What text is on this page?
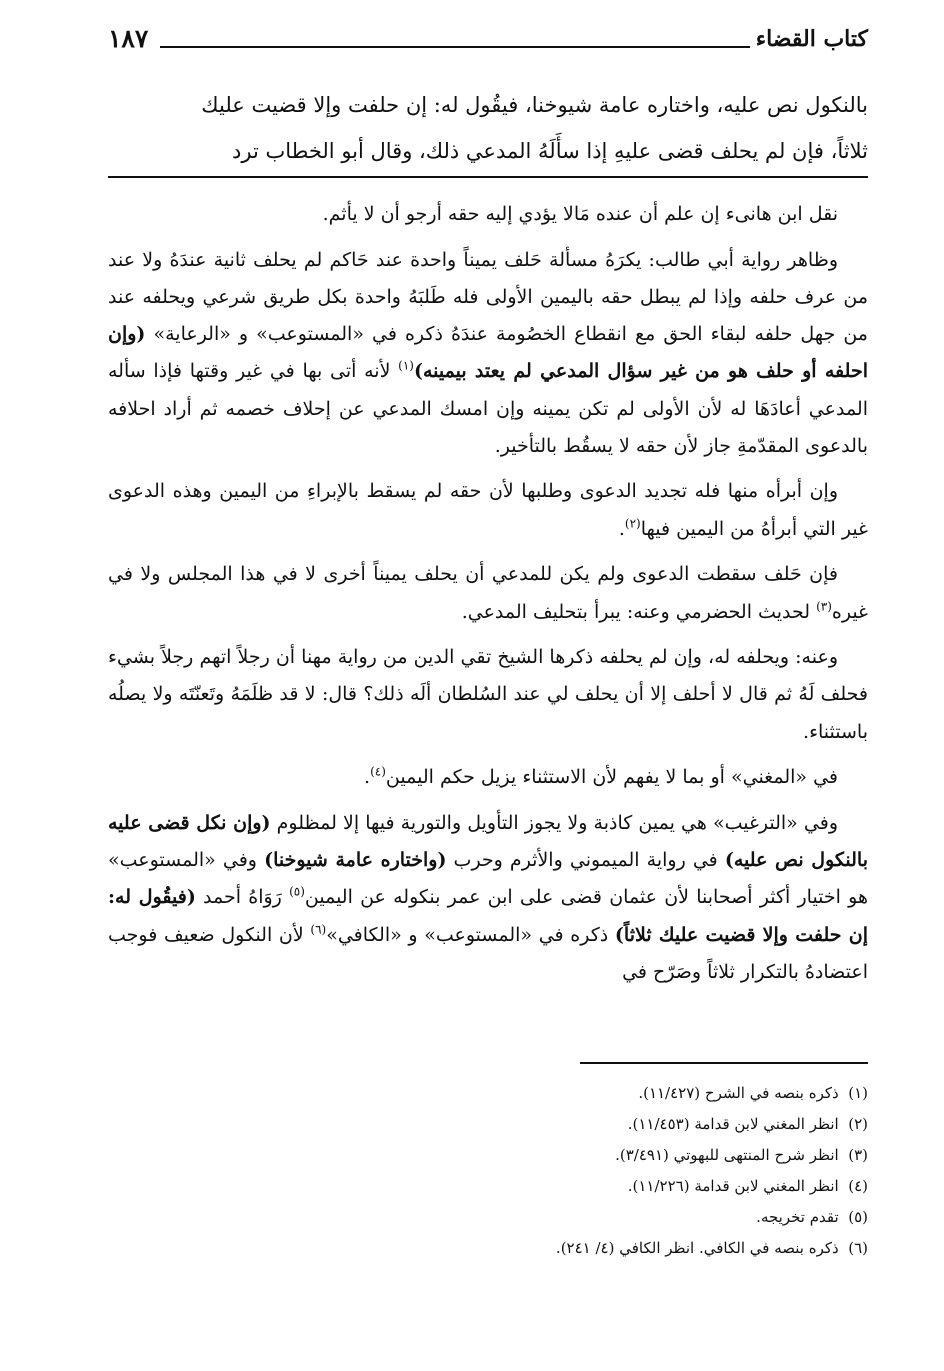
كتاب القضاء
١٨٧
بالنكول نص عليه، واختاره عامة شيوخنا، فيقُول له: إن حلفت وإلا قضيت عليك
ثلاثاً، فإن لم يحلف قضى عليهِ إذا سأَلَهُ المدعي ذلك، وقال أبو الخطاب ترد

نقل ابن هانىء إن علم أن عنده مَالا يؤدي إليه حقه أرجو أن لا يأثم.

وظاهر رواية أبي طالب: يكرَهُ مسألة حَلف يميناً واحدة عند حَاكم لم يحلف ثانية عندَهُ ولا عند من عرف حلفه وإذا لم يبطل حقه باليمين الأولى فله طَلبَهُ واحدة بكل طريق شرعي ويحلفه عند من جهل حلفه لبقاء الحق مع انقطاع الخصُومة عندَهُ ذكره في «المستوعب» و «الرعاية» (وإن احلفه أو حلف هو من غير سؤال المدعي لم يعتد بيمينه)$^{(١)}$ لأنه أتى بها في غير وقتها فإذا سأله المدعي أعادَهَا له لأن الأولى لم تكن يمينه وإن امسك المدعي عن إحلاف خصمه ثم أراد احلافه بالدعوى المقدّمةِ جاز لأن حقه لا يسقُط بالتأخير.

وإن أبرأه منها فله تجديد الدعوى وطلبها لأن حقه لم يسقط بالإبراءِ من اليمين وهذه الدعوى غير التي أبرأهُ من اليمين فيها$^{(٢)}$.

فإن حَلف سقطت الدعوى ولم يكن للمدعي أن يحلف يميناً أخرى لا في هذا المجلس ولا في غيره$^{(٣)}$ لحديث الحضرمي وعنه: يبرأ بتحليف المدعي.

وعنه: ويحلفه له، وإن لم يحلفه ذكرها الشيخ تقي الدين من رواية مهنا أن رجلاً اتهم رجلاً بشيء فحلف لَهُ ثم قال لا أحلف إلا أن يحلف لي عند السُلطان ألَه ذلك؟ قال: لا قد ظلَمَهُ وتَعنّتَه ولا يصلُه باستثناء.

في «المغني» أو بما لا يفهم لأن الاستثناء يزيل حكم اليمين$^{(٤)}$.

وفي «الترغيب» هي يمين كاذبة ولا يجوز التأويل والتورية فيها إلا لمظلوم (وإن نكل قضى عليه بالنكول نص عليه) في رواية الميموني والأثرم وحرب (واختاره عامة شيوخنا) وفي «المستوعب» هو اختيار أكثر أصحابنا لأن عثمان قضى على ابن عمر بنكوله عن اليمين$^{(٥)}$ رَوَاهُ أحمد (فيقُول له: إن حلفت وإلا قضيت عليك ثلاثاً) ذكره في «المستوعب» و «الكافي»$^{(٦)}$ لأن النكول ضعيف فوجب اعتضادهُ بالتكرار ثلاثاً وصَرّح في

(١)  ذكره بنصه في الشرح (١١/٤٢٧).
(٢)  انظر المغني لابن قدامة (١١/٤٥٣).
(٣)  انظر شرح المنتهى للبهوتي (٣/٤٩١).
(٤)  انظر المغني لابن قدامة (١١/٢٢٦).
(٥)  تقدم تخريجه.
(٦)  ذكره بنصه في الكافي. انظر الكافي (٤/ ٢٤١).
